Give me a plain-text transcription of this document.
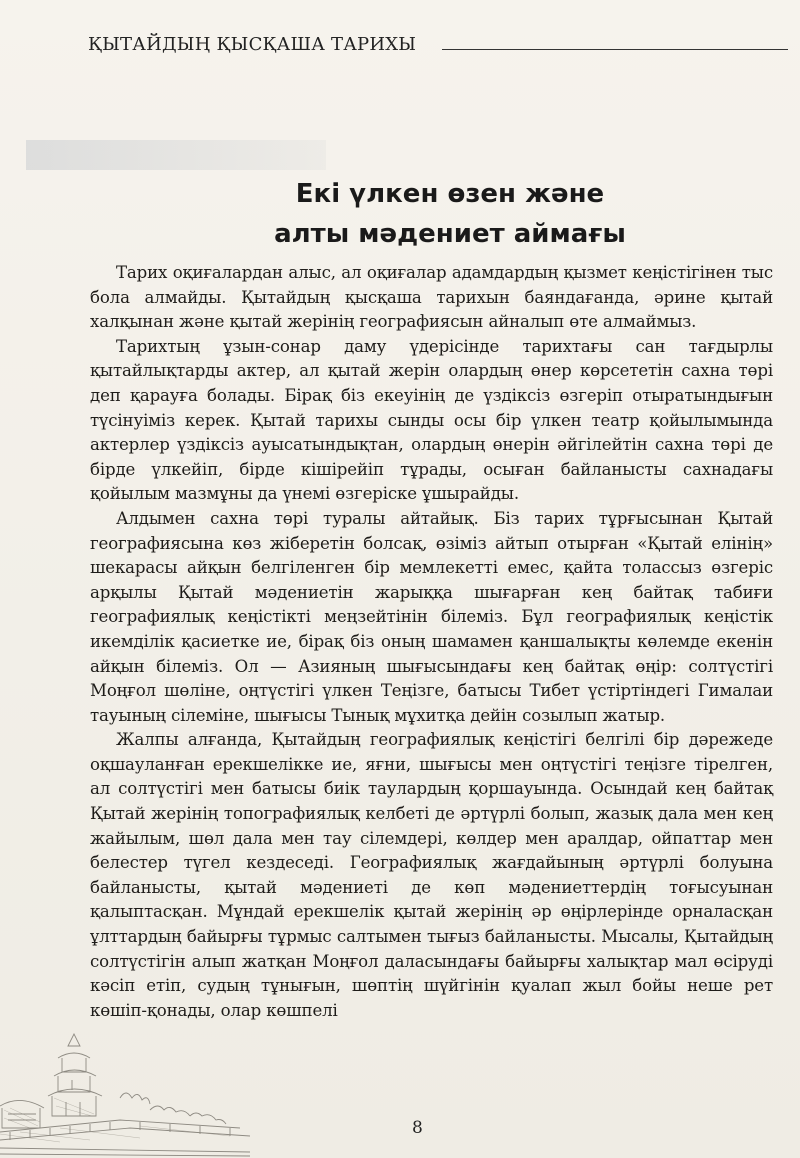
ҚЫТАЙДЫҢ ҚЫСҚАША ТАРИХЫ
Екі үлкен өзен және
алты мәдениет аймағы

Тарих оқиғалардан алыс, ал оқиғалар адамдардың қызмет кеңістігінен тыс бола алмайды. Қытайдың қысқаша тарихын баяндағанда, әрине қытай халқынан және қытай жерінің географиясын айналып өте алмаймыз.

Тарихтың ұзын-сонар даму үдерісінде тарихтағы сан тағдырлы қытайлықтарды актер, ал қытай жерін олардың өнер көрсететін сахна төрі деп қарауға болады. Бірақ біз екеуінің де үздіксіз өзгеріп отыратындығын түсінуіміз керек. Қытай тарихы сынды осы бір үлкен театр қойылымында актерлер үздіксіз ауысатындықтан, олардың өнерін әйгілейтін сахна төрі де бірде үлкейіп, бірде кішірейіп тұрады, осыған байланысты сахнадағы қойылым мазмұны да үнемі өзгеріске ұшырайды.

Алдымен сахна төрі туралы айтайық. Біз тарих тұрғысынан Қытай географиясына көз жіберетін болсақ, өзіміз айтып отырған «Қытай елінің» шекарасы айқын белгіленген бір мемлекетті емес, қайта толассыз өзгеріс арқылы Қытай мәдениетін жарыққа шығарған кең байтақ табиғи географиялық кеңістікті меңзейтінін білеміз. Бұл географиялық кеңістік икемділік қасиетке ие, бірақ біз оның шамамен қаншалықты көлемде екенін айқын білеміз. Ол — Азияның шығысындағы кең байтақ өңір: солтүстігі Моңғол шөліне, оңтүстігі үлкен Теңізге, батысы Тибет үстіртіндегі Гималаи тауының сілеміне, шығысы Тынық мұхитқа дейін созылып жатыр.

Жалпы алғанда, Қытайдың географиялық кеңістігі белгілі бір дәрежеде оқшауланған ерекшелікке ие, яғни, шығысы мен оңтүстігі теңізге тірелген, ал солтүстігі мен батысы биік таулардың қоршауында. Осындай кең байтақ Қытай жерінің топографиялық келбеті де әртүрлі болып, жазық дала мен кең жайылым, шөл дала мен тау сілемдері, көлдер мен аралдар, ойпаттар мен белестер түгел кездеседі. Географиялық жағдайының әртүрлі болуына байланысты, қытай мәдениеті де көп мәдениеттердің тоғысуынан қалыптасқан. Мұндай ерекшелік қытай жерінің әр өңірлерінде орналасқан ұлттардың байырғы тұрмыс салтымен тығыз байланысты. Мысалы, Қытайдың солтүстігін алып жатқан Моңғол даласындағы байырғы халықтар мал өсіруді кәсіп етіп, судың тұнығын, шөптің шүйгінін қуалап жыл бойы неше рет көшіп-қонады, олар көшпелі

8
